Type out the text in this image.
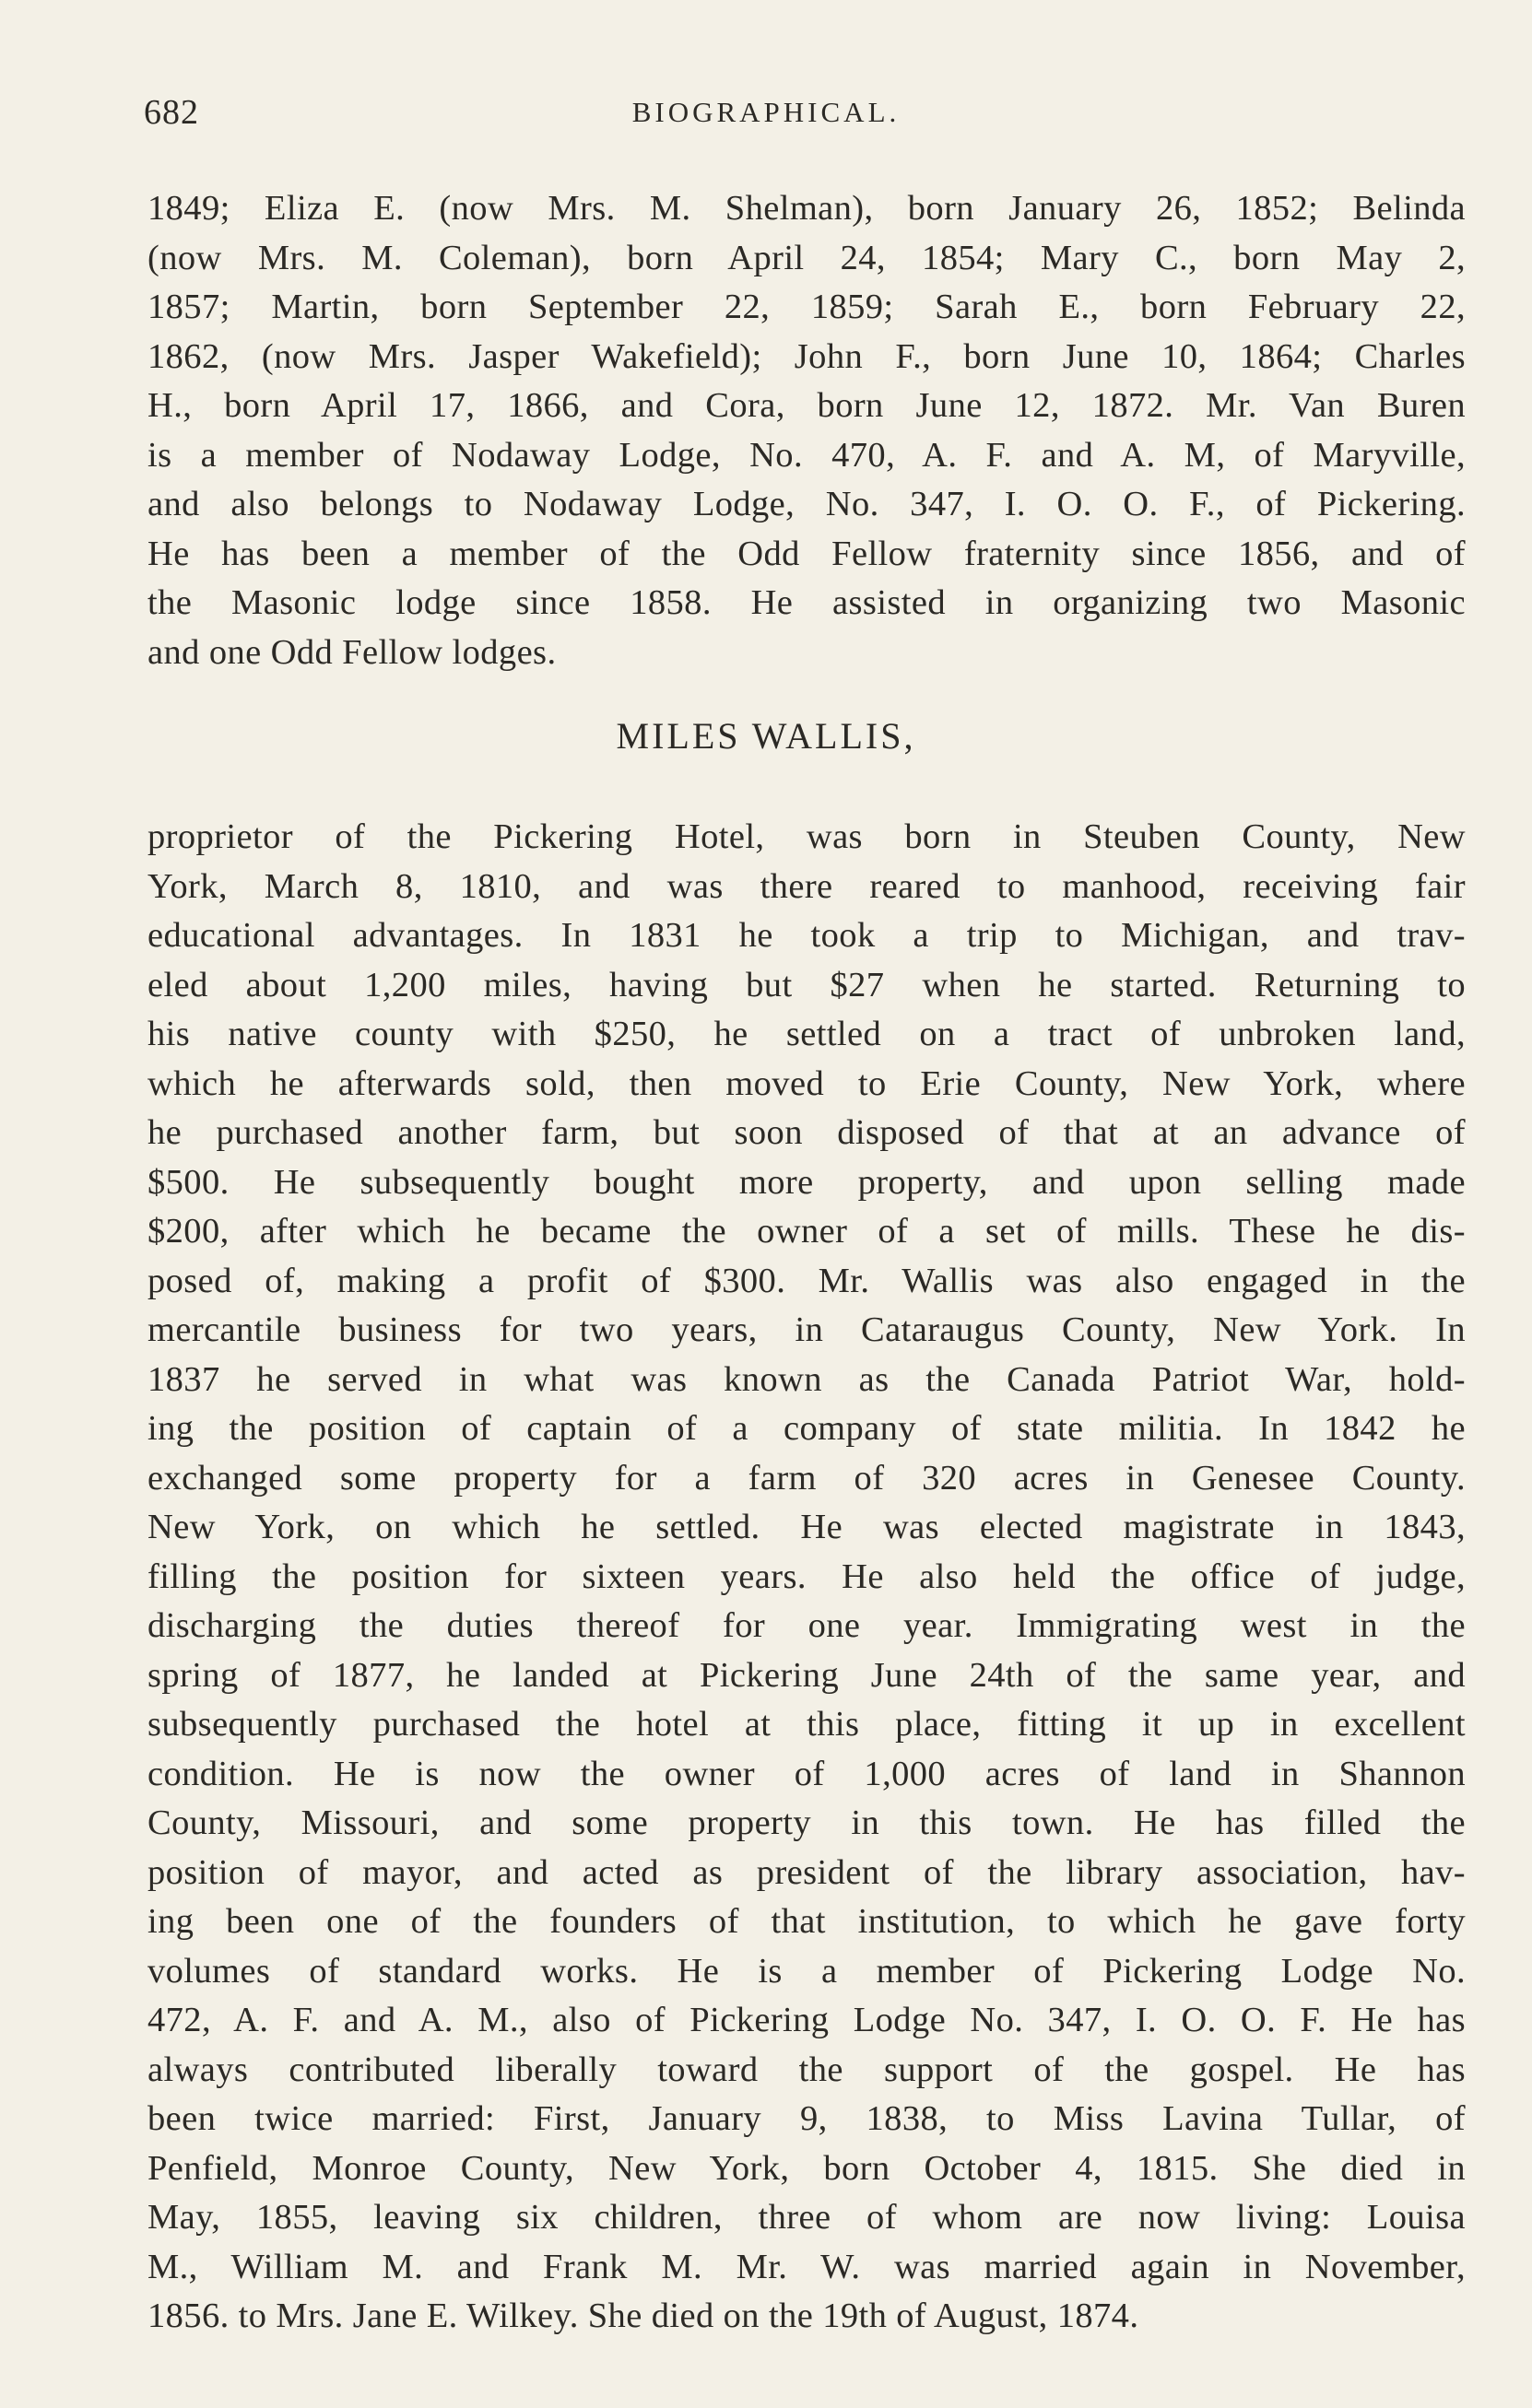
682	BIOGRAPHICAL.
1849; Eliza E. (now Mrs. M. Shelman), born January 26, 1852; Belinda
(now Mrs. M. Coleman), born April 24, 1854; Mary C., born May 2,
1857; Martin, born September 22, 1859; Sarah E., born February 22,
1862, (now Mrs. Jasper Wakefield); John F., born June 10, 1864; Charles
H., born April 17, 1866, and Cora, born June 12, 1872. Mr. Van Buren
is a member of Nodaway Lodge, No. 470, A. F. and A. M, of Maryville,
and also belongs to Nodaway Lodge, No. 347, I. O. O. F., of Pickering.
He has been a member of the Odd Fellow fraternity since 1856, and of
the Masonic lodge since 1858. He assisted in organizing two Masonic
and one Odd Fellow lodges.
MILES WALLIS,
proprietor of the Pickering Hotel, was born in Steuben County, New
York, March 8, 1810, and was there reared to manhood, receiving fair
educational advantages. In 1831 he took a trip to Michigan, and trav-
eled about 1,200 miles, having but $27 when he started. Returning to
his native county with $250, he settled on a tract of unbroken land,
which he afterwards sold, then moved to Erie County, New York, where
he purchased another farm, but soon disposed of that at an advance of
$500. He subsequently bought more property, and upon selling made
$200, after which he became the owner of a set of mills. These he dis-
posed of, making a profit of $300. Mr. Wallis was also engaged in the
mercantile business for two years, in Cataraugus County, New York. In
1837 he served in what was known as the Canada Patriot War, hold-
ing the position of captain of a company of state militia. In 1842 he
exchanged some property for a farm of 320 acres in Genesee County.
New York, on which he settled. He was elected magistrate in 1843,
filling the position for sixteen years. He also held the office of judge,
discharging the duties thereof for one year. Immigrating west in the
spring of 1877, he landed at Pickering June 24th of the same year, and
subsequently purchased the hotel at this place, fitting it up in excellent
condition. He is now the owner of 1,000 acres of land in Shannon
County, Missouri, and some property in this town. He has filled the
position of mayor, and acted as president of the library association, hav-
ing been one of the founders of that institution, to which he gave forty
volumes of standard works. He is a member of Pickering Lodge No.
472, A. F. and A. M., also of Pickering Lodge No. 347, I. O. O. F. He has
always contributed liberally toward the support of the gospel. He has
been twice married: First, January 9, 1838, to Miss Lavina Tullar, of
Penfield, Monroe County, New York, born October 4, 1815. She died in
May, 1855, leaving six children, three of whom are now living: Louisa
M., William M. and Frank M. Mr. W. was married again in November,
1856. to Mrs. Jane E. Wilkey. She died on the 19th of August, 1874.
